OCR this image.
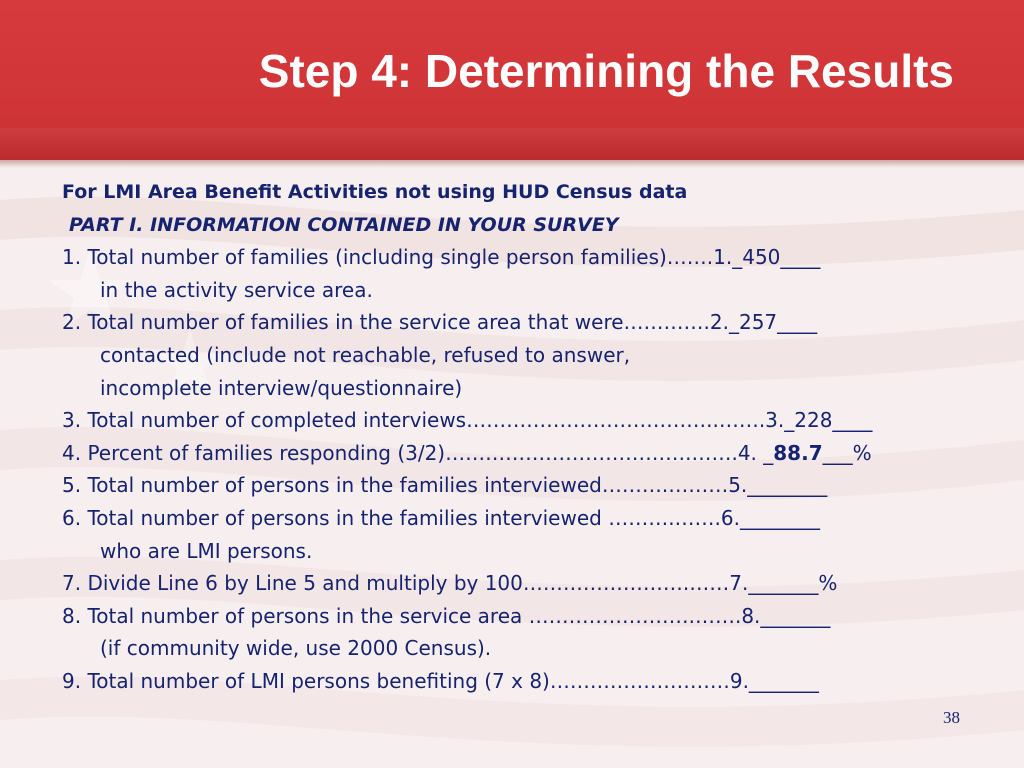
Step 4: Determining the Results
For LMI Area Benefit Activities not using HUD Census data
PART I. INFORMATION CONTAINED IN YOUR SURVEY
1. Total number of families (including single person families)…….1._450____
in the activity service area.
2. Total number of families in the service area that were………….2._257____
contacted (include not reachable, refused to answer,
incomplete interview/questionnaire)
3. Total number of completed interviews………………………………..…….3._228____
4. Percent of families responding (3/2)……………………………….…….4. _88.7___%
5. Total number of persons in the families interviewed……….………5.________
6. Total number of persons in the families interviewed ……….…….6.________
who are LMI persons.
7. Divide Line 6 by Line 5 and multiply by 100…………………….……7._______%
8. Total number of persons in the service area …………………….…….8._______
(if community wide, use 2000 Census).
9. Total number of LMI persons benefiting (7 x 8)………………………9._______
38
